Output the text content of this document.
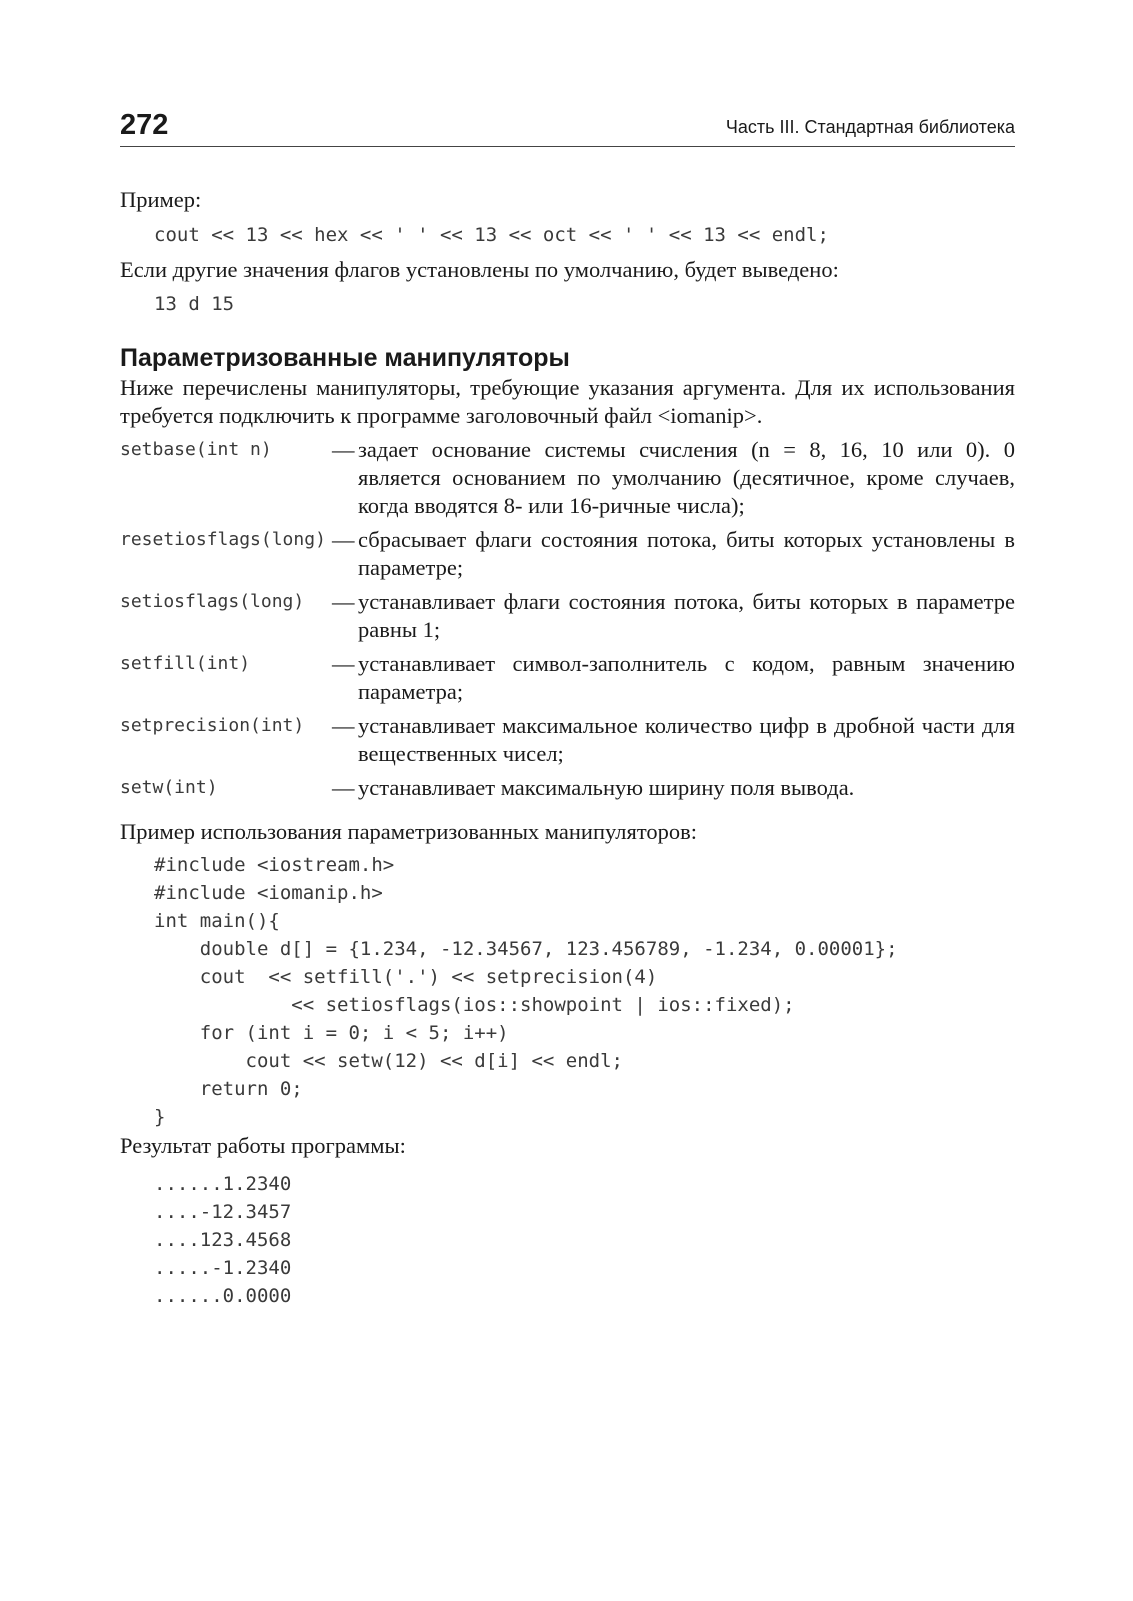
272	Часть III. Стандартная библиотека
Пример:
cout << 13 << hex << ' ' << 13 << oct << ' ' << 13 << endl;
Если другие значения флагов установлены по умолчанию, будет выведено:
13 d 15
Параметризованные манипуляторы
Ниже перечислены манипуляторы, требующие указания аргумента. Для их использования требуется подключить к программе заголовочный файл <iomanip>.
setbase(int n)	— задает основание системы счисления (n = 8, 16, 10 или 0). 0 является основанием по умолчанию (десятичное, кроме случаев, когда вводятся 8- или 16-ричные числа);
resetiosflags(long) — сбрасывает флаги состояния потока, биты которых установлены в параметре;
setiosflags(long) — устанавливает флаги состояния потока, биты которых в параметре равны 1;
setfill(int)	— устанавливает символ-заполнитель с кодом, равным значению параметра;
setprecision(int) — устанавливает максимальное количество цифр в дробной части для вещественных чисел;
setw(int)	— устанавливает максимальную ширину поля вывода.
Пример использования параметризованных манипуляторов:
#include <iostream.h>
#include <iomanip.h>
int main(){
double d[] = {1.234, -12.34567, 123.456789, -1.234, 0.00001};
cout  << setfill('.') << setprecision(4)
<< setiosflags(ios::showpoint | ios::fixed);
for (int i = 0; i < 5; i++)
cout << setw(12) << d[i] << endl;
return 0;
}
Результат работы программы:
......1.2340
....-12.3457
....123.4568
.....-1.2340
......0.0000
